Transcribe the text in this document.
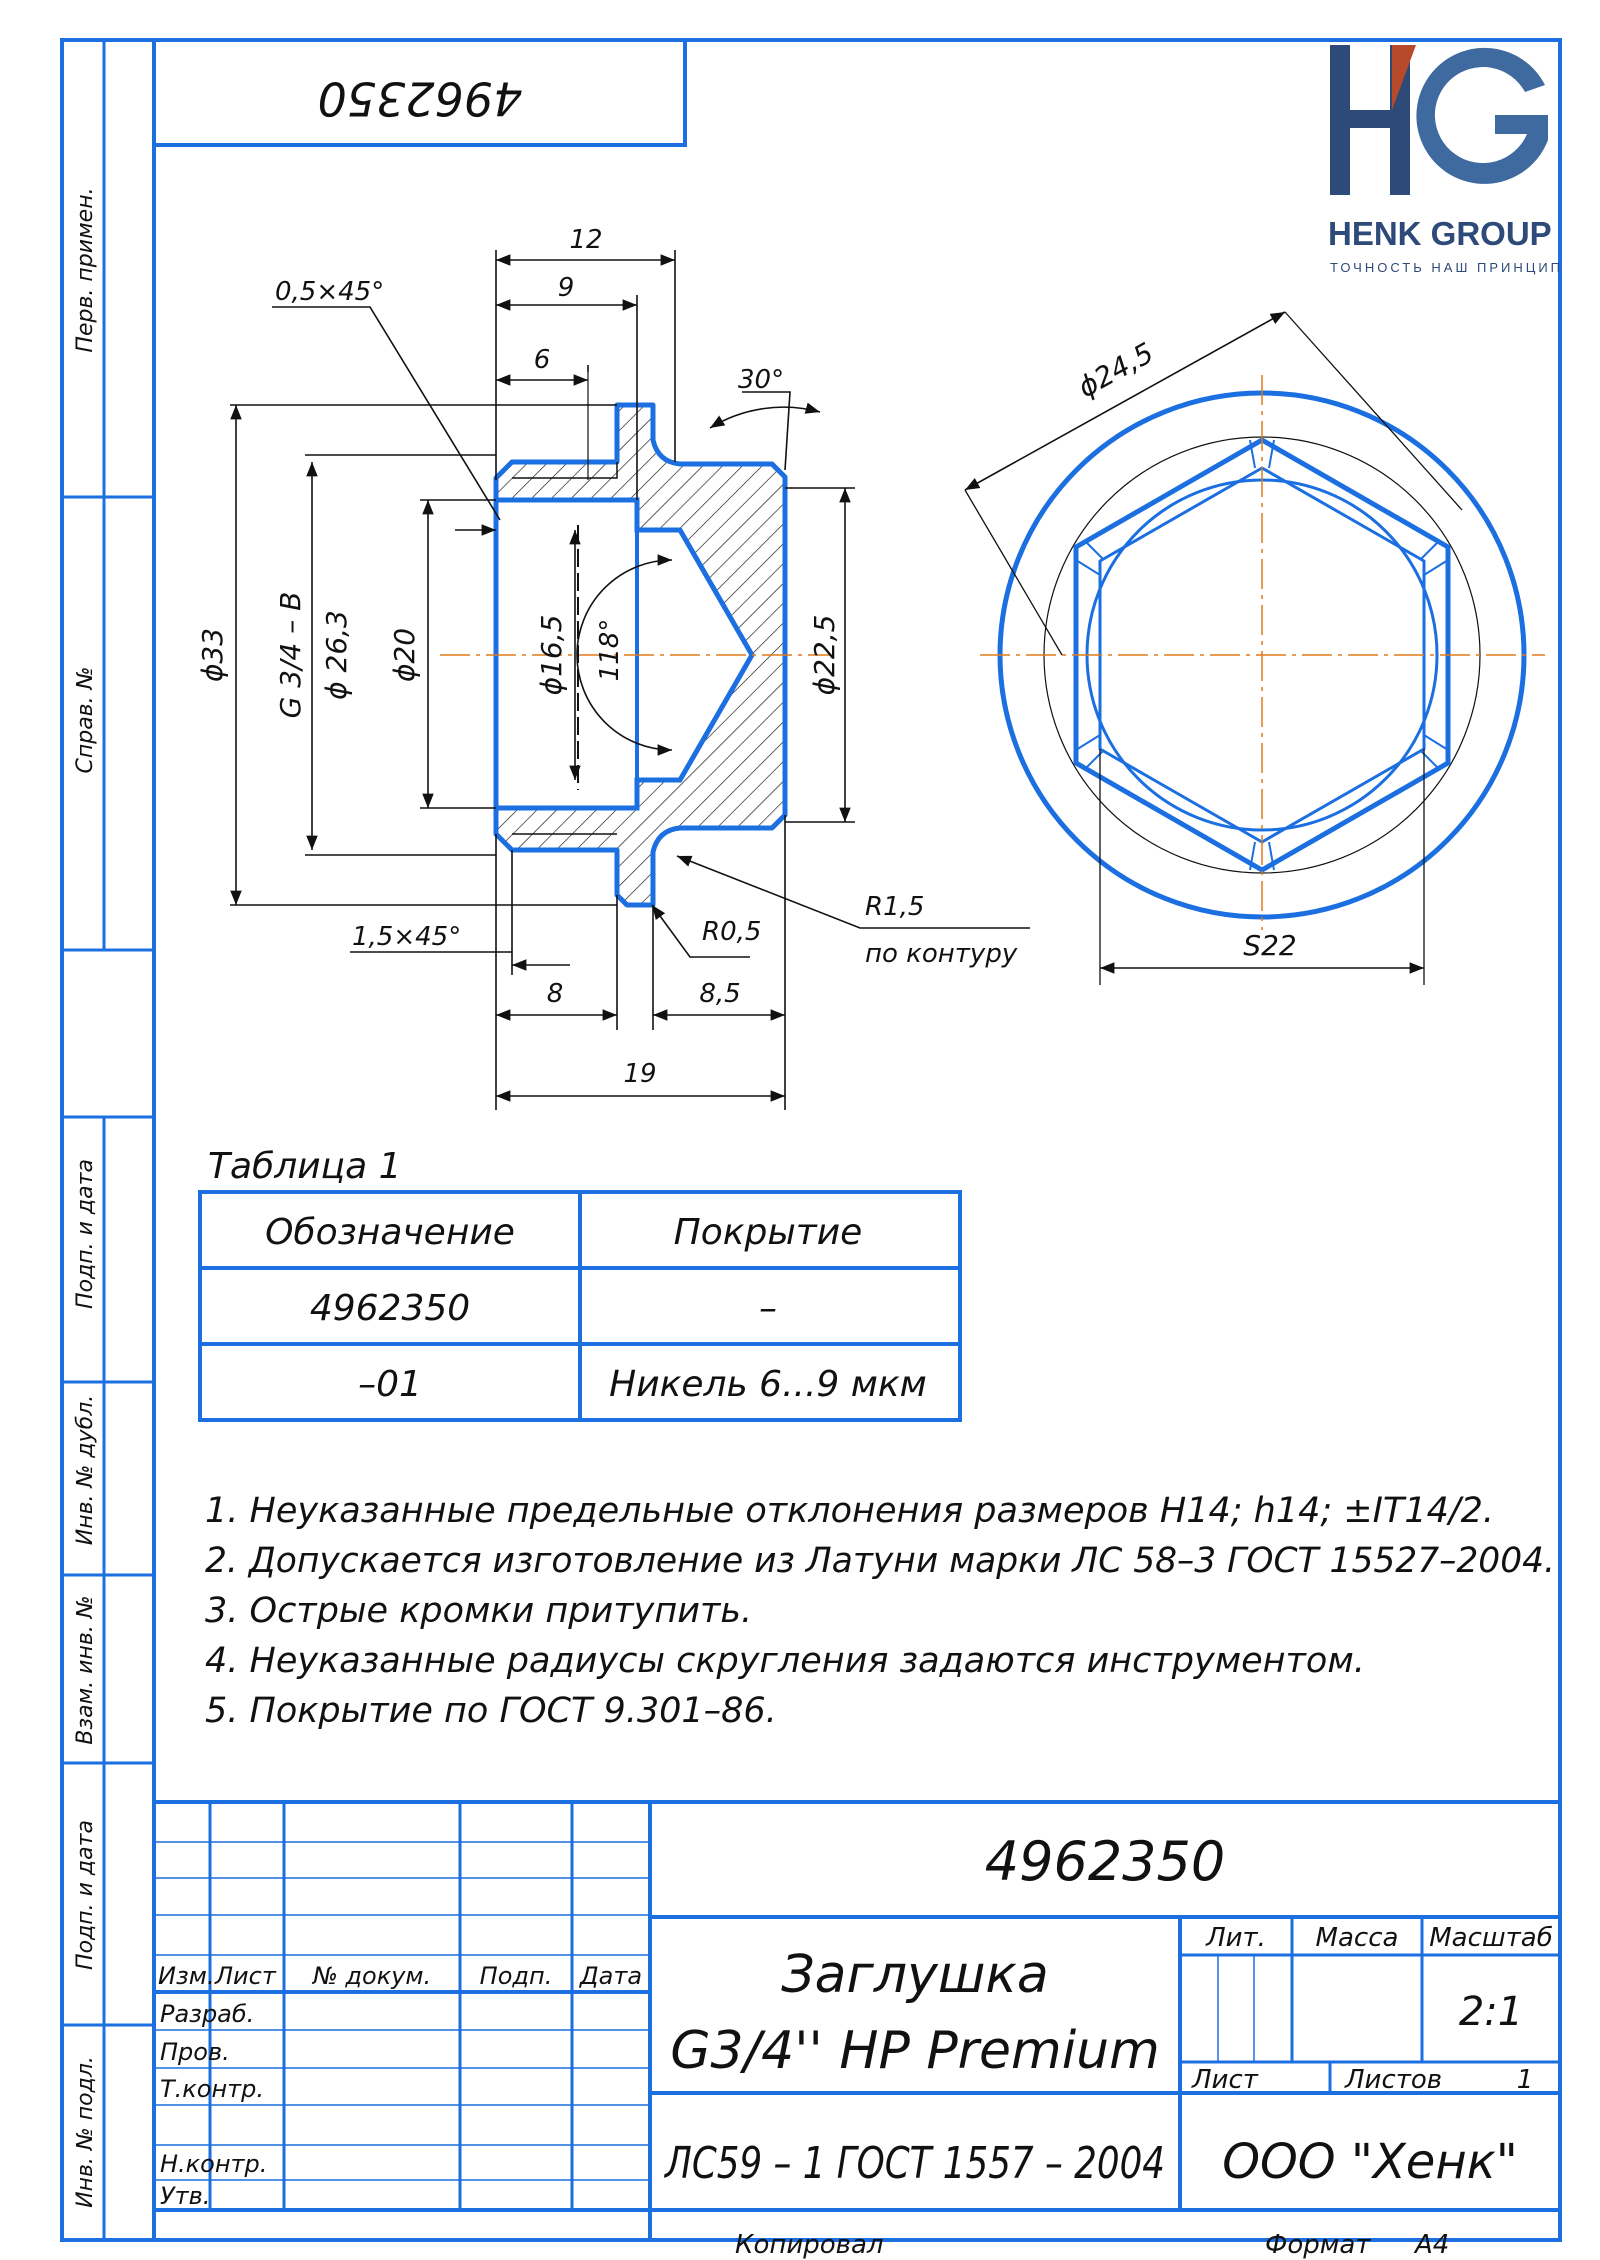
Перв. примен.
Справ. №
Подп. и дата
Инв. № дубл.
Взам. инв. №
Подп. и дата
Инв. № подл.
4962350
HENK GROUP
ТОЧНОСТЬ НАШ ПРИНЦИП
12
9
6
0,5×45°
30°
ϕ33 G 3/4 – B ϕ 26,3 ϕ20	ϕ16,5 118°	ϕ22,5
1,5×45°	R0,5
R1,5
по контуру
8	8,5
19
ϕ24,5
S22
Таблица 1
Обозначение	Покрытие
4962350	–
–01	Никель 6...9 мкм
1. Неуказанные предельные отклонения размеров H14; h14; ±IT14/2.
2. Допускается изготовление из Латуни марки ЛС 58–3 ГОСТ 15527–2004.
3. Острые кромки притупить.
4. Неуказанные радиусы скругления задаются инструментом.
5. Покрытие по ГОСТ 9.301–86.
4962350
Заглушка
G3/4'' HP Premium
ЛС59 – 1 ГОСТ 1557 – 2004 ООО "Хенк"
Лит. Масса Масштаб
2:1
Лист	Листов	1
Изм. Лист № докум. Подп. Дата
Разраб.
Пров.
Т.контр.
Н.контр.
Утв.
Копировал	Формат А4
